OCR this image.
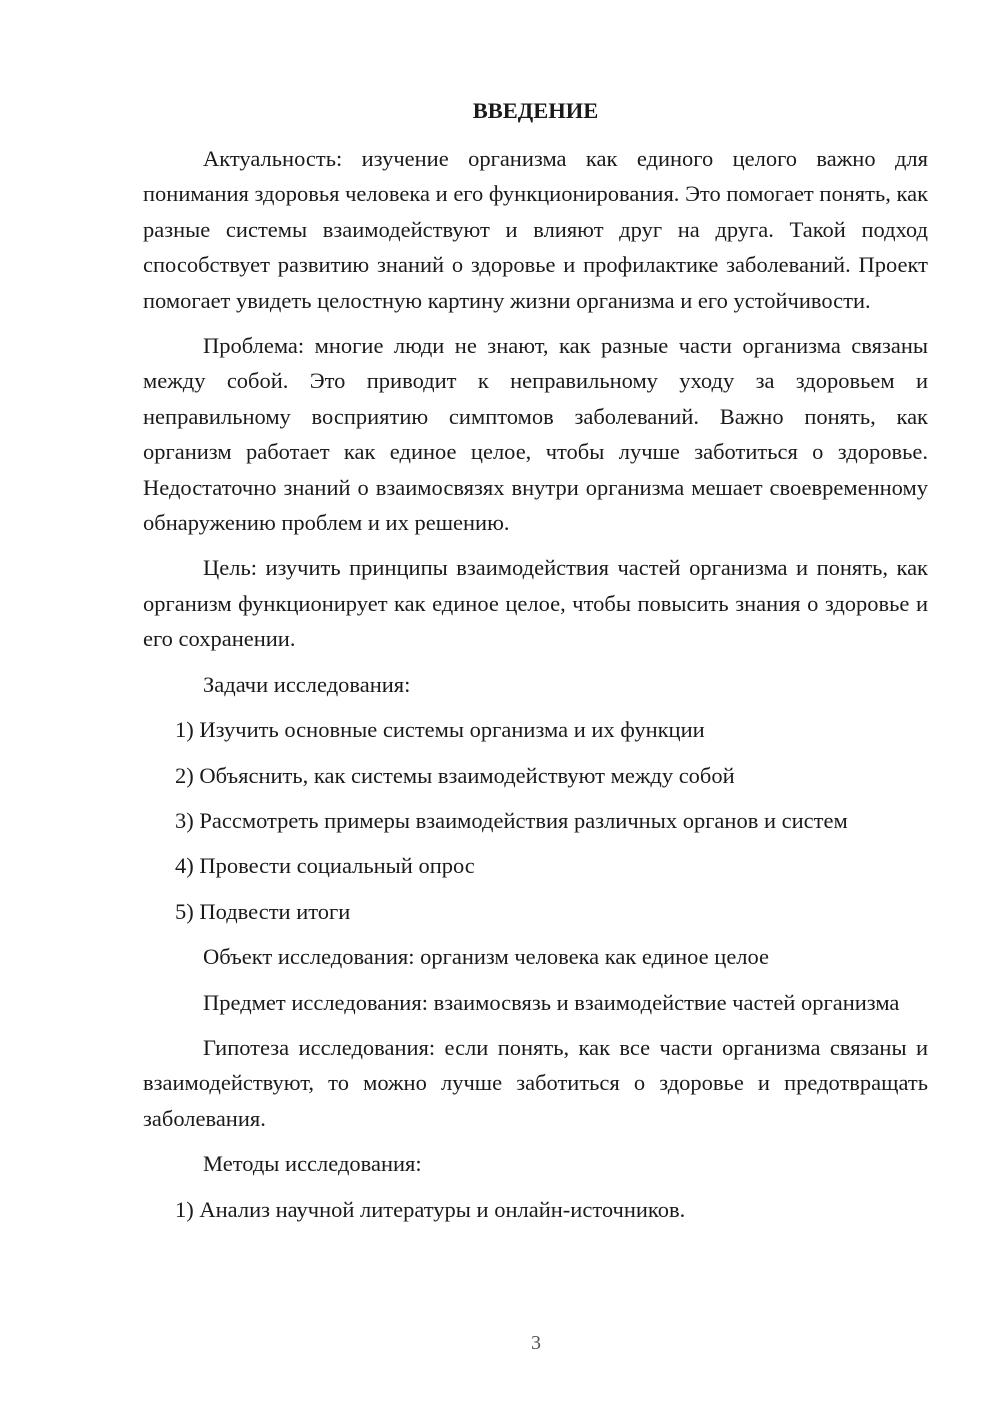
ВВЕДЕНИЕ

Актуальность: изучение организма как единого целого важно для понимания здоровья человека и его функционирования. Это помогает понять, как разные системы взаимодействуют и влияют друг на друга. Такой подход способствует развитию знаний о здоровье и профилактике заболеваний. Проект помогает увидеть целостную картину жизни организма и его устойчивости.

Проблема: многие люди не знают, как разные части организма связаны между собой. Это приводит к неправильному уходу за здоровьем и неправильному восприятию симптомов заболеваний. Важно понять, как организм работает как единое целое, чтобы лучше заботиться о здоровье. Недостаточно знаний о взаимосвязях внутри организма мешает своевременному обнаружению проблем и их решению.

Цель: изучить принципы взаимодействия частей организма и понять, как организм функционирует как единое целое, чтобы повысить знания о здоровье и его сохранении.

Задачи исследования:
1) Изучить основные системы организма и их функции
2) Объяснить, как системы взаимодействуют между собой
3) Рассмотреть примеры взаимодействия различных органов и систем
4) Провести социальный опрос
5) Подвести итоги
Объект исследования: организм человека как единое целое

Предмет исследования: взаимосвязь и взаимодействие частей организма

Гипотеза исследования: если понять, как все части организма связаны и взаимодействуют, то можно лучше заботиться о здоровье и предотвращать заболевания.

Методы исследования:
1) Анализ научной литературы и онлайн-источников.
3
